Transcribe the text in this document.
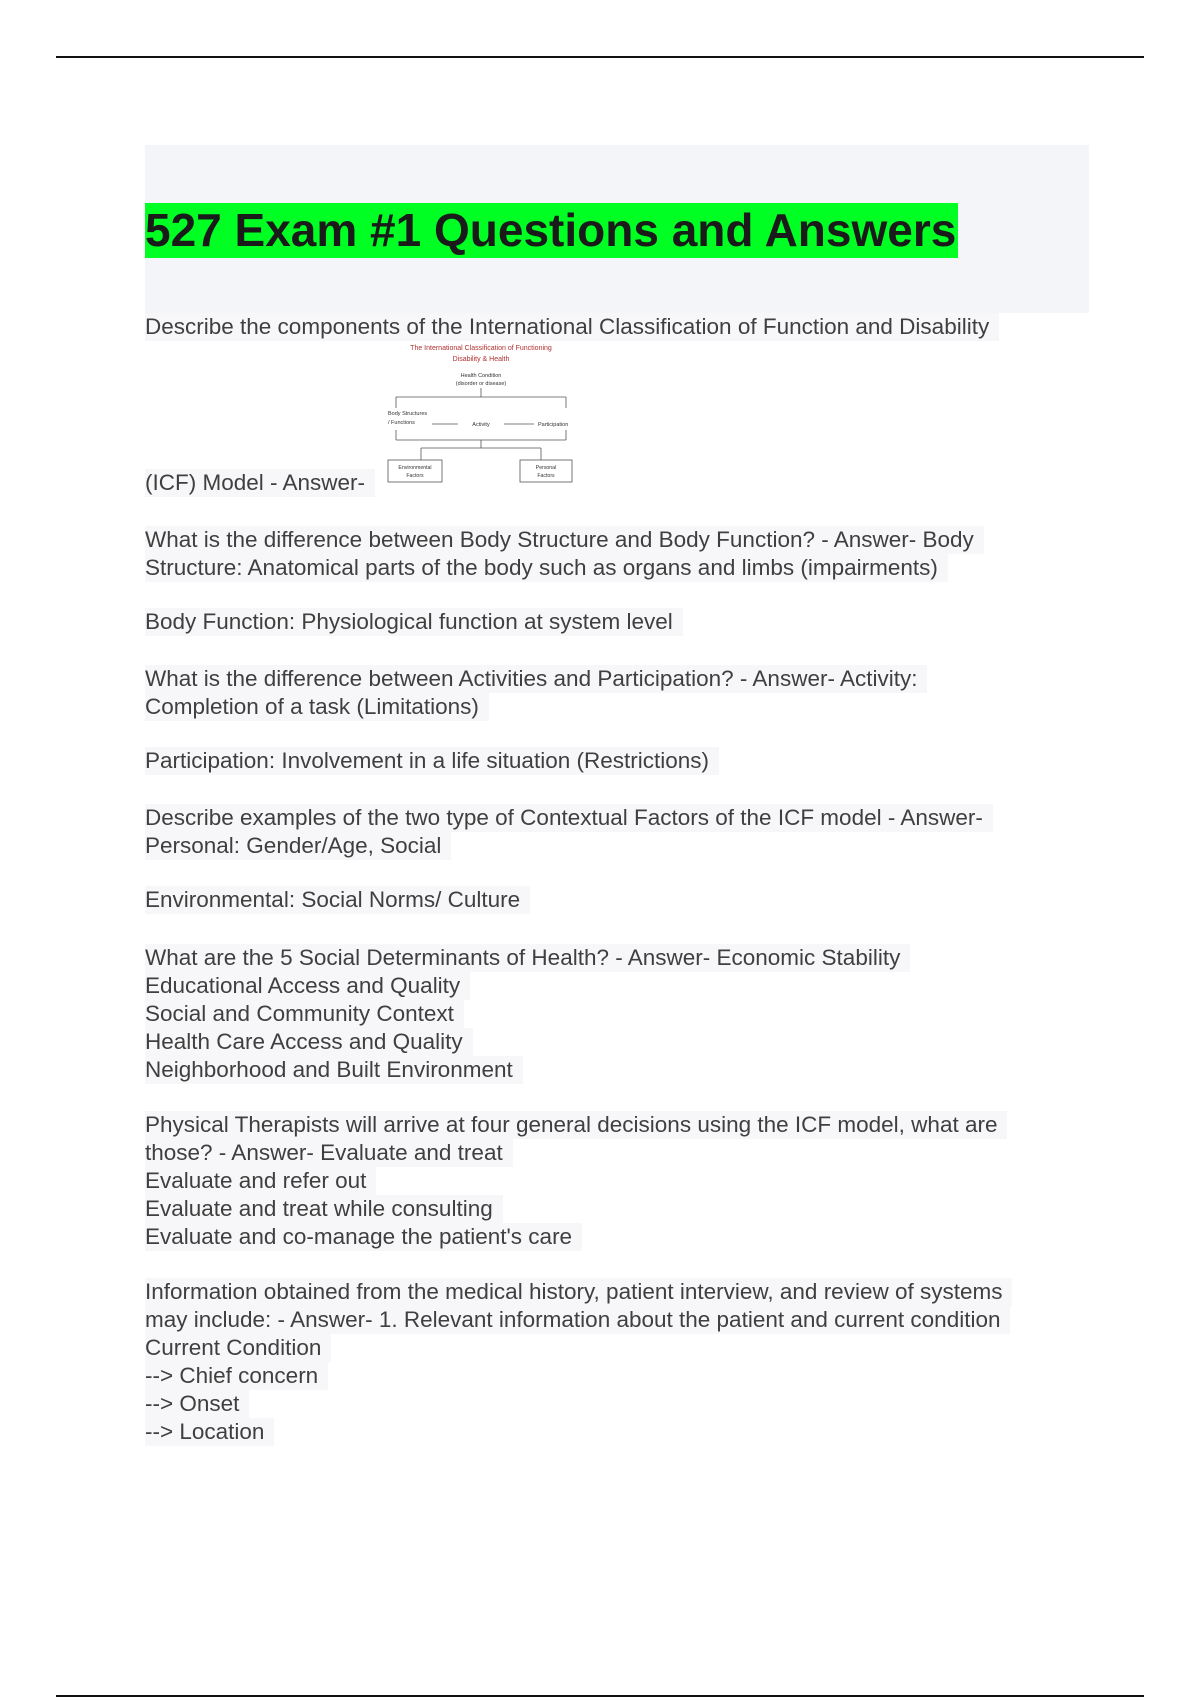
527 Exam #1 Questions and Answers
Describe the components of the International Classification of Function and Disability
(ICF) Model - Answer-
The International Classification of Functioning
Disability & Health
Health Condition
(disorder or disease)
Body Structures
/ Functions	Activity	Participation
Environmental
Factors
Personal
Factors
What is the difference between Body Structure and Body Function? - Answer- Body
Structure: Anatomical parts of the body such as organs and limbs (impairments)
Body Function: Physiological function at system level
What is the difference between Activities and Participation? - Answer- Activity:
Completion of a task (Limitations)
Participation: Involvement in a life situation (Restrictions)
Describe examples of the two type of Contextual Factors of the ICF model - Answer-
Personal: Gender/Age, Social
Environmental: Social Norms/ Culture
What are the 5 Social Determinants of Health? - Answer- Economic Stability
Educational Access and Quality
Social and Community Context
Health Care Access and Quality
Neighborhood and Built Environment
Physical Therapists will arrive at four general decisions using the ICF model, what are
those? - Answer- Evaluate and treat
Evaluate and refer out
Evaluate and treat while consulting
Evaluate and co-manage the patient's care
Information obtained from the medical history, patient interview, and review of systems
may include: - Answer- 1. Relevant information about the patient and current condition
Current Condition
--> Chief concern
--> Onset
--> Location
